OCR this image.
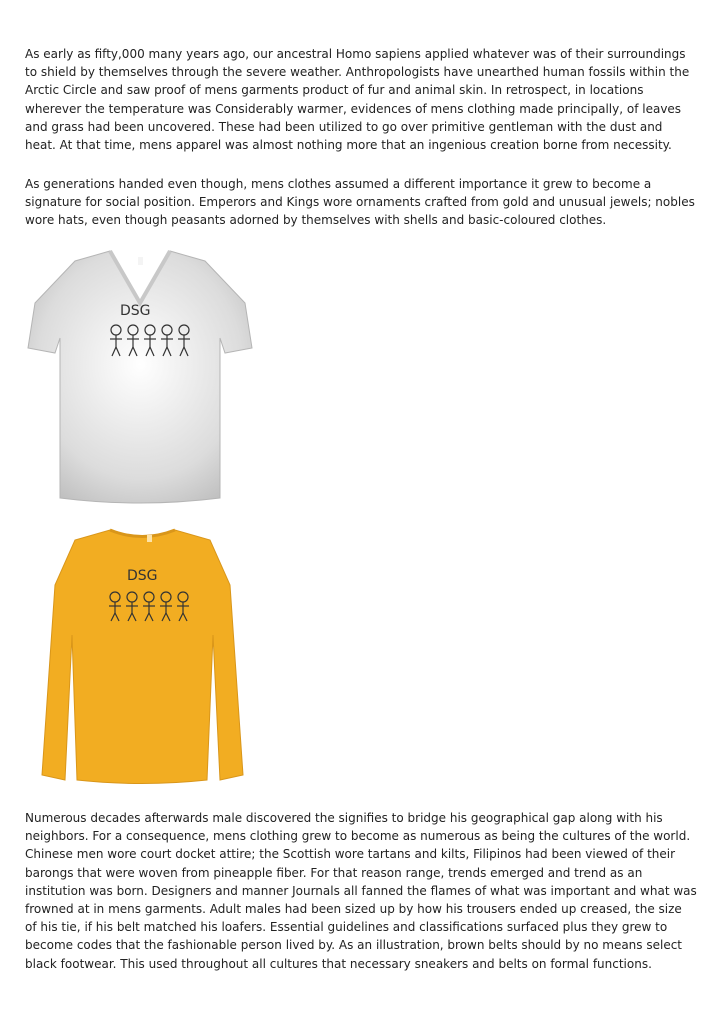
As early as fifty,000 many years ago, our ancestral Homo sapiens applied whatever was of their surroundings to shield by themselves through the severe weather. Anthropologists have unearthed human fossils within the Arctic Circle and saw proof of mens garments product of fur and animal skin. In retrospect, in locations wherever the temperature was Considerably warmer, evidences of mens clothing made principally, of leaves and grass had been uncovered. These had been utilized to go over primitive gentleman with the dust and heat. At that time, mens apparel was almost nothing more that an ingenious creation borne from necessity.

As generations handed even though, mens clothes assumed a different importance it grew to become a signature for social position. Emperors and Kings wore ornaments crafted from gold and unusual jewels; nobles wore hats, even though peasants adorned by themselves with shells and basic-coloured clothes.

DSG
DSG

Numerous decades afterwards male discovered the signifies to bridge his geographical gap along with his neighbors. For a consequence, mens clothing grew to become as numerous as being the cultures of the world. Chinese men wore court docket attire; the Scottish wore tartans and kilts, Filipinos had been viewed of their barongs that were woven from pineapple fiber. For that reason range, trends emerged and trend as an institution was born. Designers and manner Journals all fanned the flames of what was important and what was frowned at in mens garments. Adult males had been sized up by how his trousers ended up creased, the size of his tie, if his belt matched his loafers. Essential guidelines and classifications surfaced plus they grew to become codes that the fashionable person lived by. As an illustration, brown belts should by no means select black footwear. This used throughout all cultures that necessary sneakers and belts on formal functions.
